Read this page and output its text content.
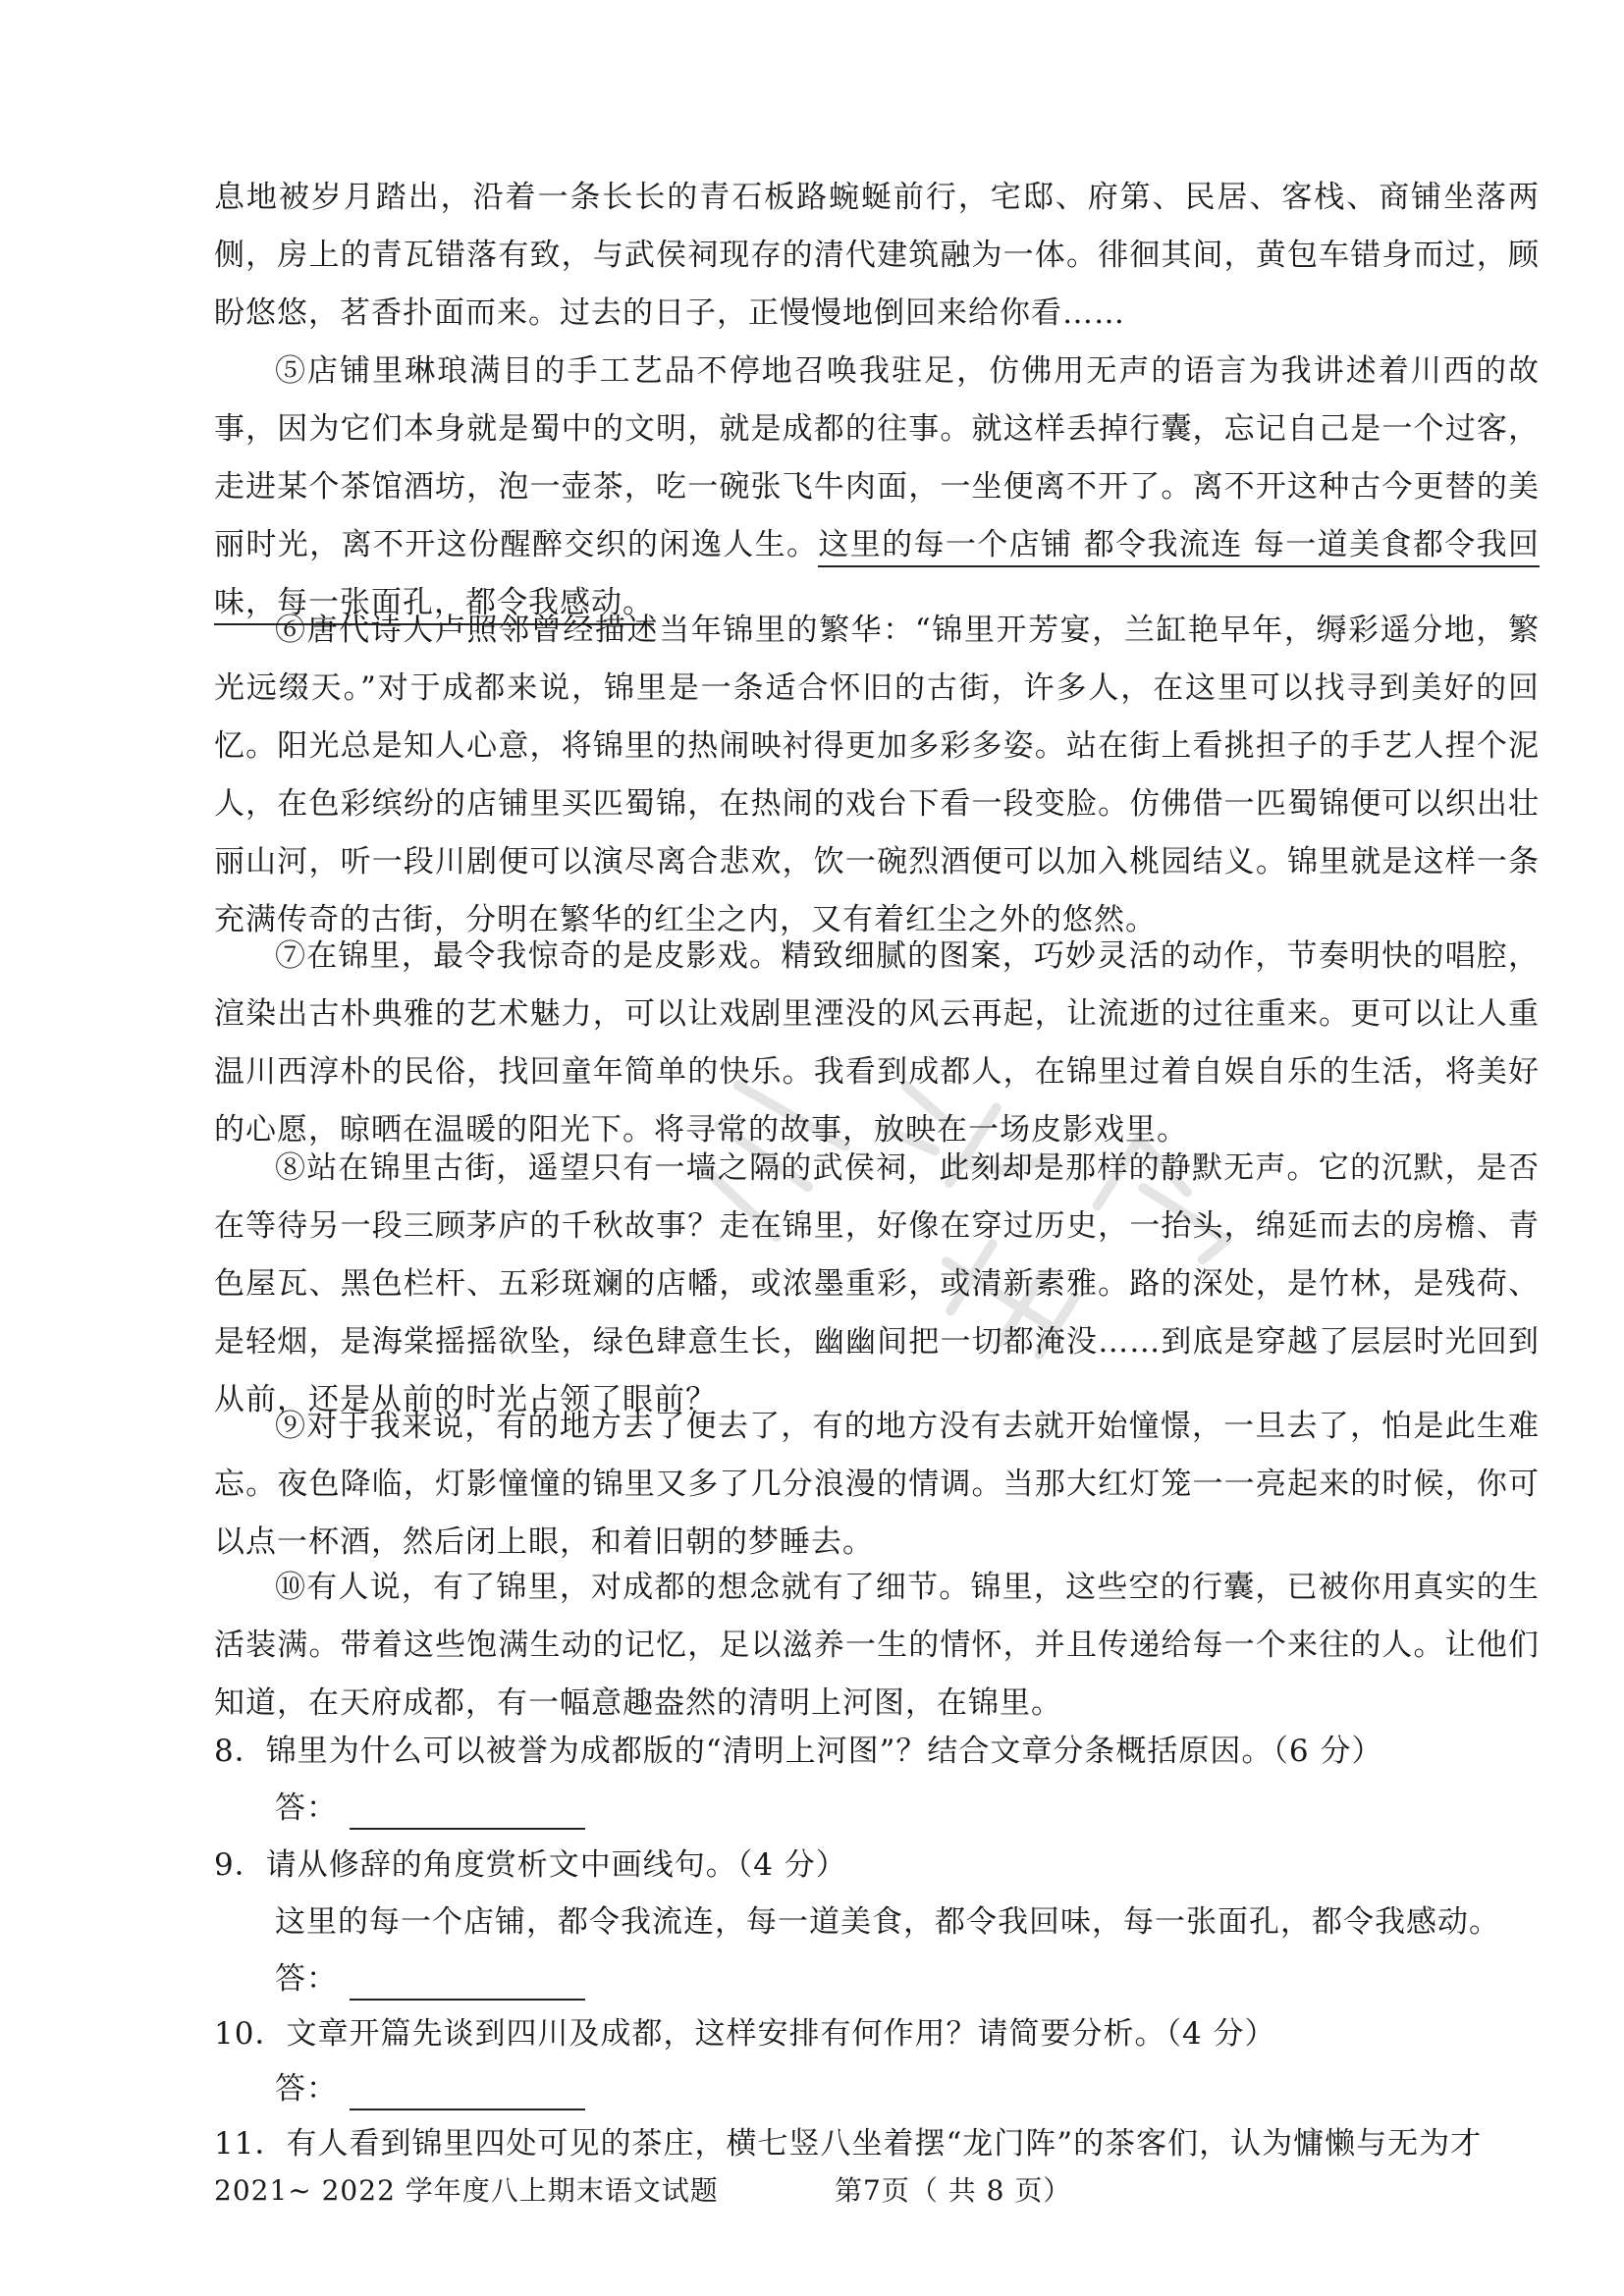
息地被岁月踏出，沿着一条长长的青石板路蜿蜒前行，宅邸、府第、民居、客栈、商铺坐落两侧，房上的青瓦错落有致，与武侯祠现存的清代建筑融为一体。徘徊其间，黄包车错身而过，顾盼悠悠，茗香扑面而来。过去的日子，正慢慢地倒回来给你看……
⑤店铺里琳琅满目的手工艺品不停地召唤我驻足，仿佛用无声的语言为我讲述着川西的故事，因为它们本身就是蜀中的文明，就是成都的往事。就这样丢掉行囊，忘记自己是一个过客，走进某个茶馆酒坊，泡一壶茶，吃一碗张飞牛肉面，一坐便离不开了。离不开这种古今更替的美丽时光，离不开这份醒醉交织的闲逸人生。这里的每一个店铺 都令我流连 每一道美食都令我回味，每一张面孔，都令我感动。
⑥唐代诗人卢照邻曾经描述当年锦里的繁华：“锦里开芳宴，兰缸艳早年，缛彩遥分地，繁光远缀天。”对于成都来说，锦里是一条适合怀旧的古街，许多人，在这里可以找寻到美好的回忆。阳光总是知人心意，将锦里的热闹映衬得更加多彩多姿。站在街上看挑担子的手艺人捏个泥人，在色彩缤纷的店铺里买匹蜀锦，在热闹的戏台下看一段变脸。仿佛借一匹蜀锦便可以织出壮丽山河，听一段川剧便可以演尽离合悲欢，饮一碗烈酒便可以加入桃园结义。锦里就是这样一条充满传奇的古街，分明在繁华的红尘之内，又有着红尘之外的悠然。
⑦在锦里，最令我惊奇的是皮影戏。精致细腻的图案，巧妙灵活的动作，节奏明快的唱腔，渲染出古朴典雅的艺术魅力，可以让戏剧里湮没的风云再起，让流逝的过往重来。更可以让人重温川西淳朴的民俗，找回童年简单的快乐。我看到成都人，在锦里过着自娱自乐的生活，将美好的心愿，晾晒在温暖的阳光下。将寻常的故事，放映在一场皮影戏里。
⑧站在锦里古街，遥望只有一墙之隔的武侯祠，此刻却是那样的静默无声。它的沉默，是否在等待另一段三顾茅庐的千秋故事？走在锦里，好像在穿过历史，一抬头，绵延而去的房檐、青色屋瓦、黑色栏杆、五彩斑斓的店幡，或浓墨重彩，或清新素雅。路的深处，是竹林，是残荷、是轻烟，是海棠摇摇欲坠，绿色肆意生长，幽幽间把一切都淹没……到底是穿越了层层时光回到从前，还是从前的时光占领了眼前？
⑨对于我来说，有的地方去了便去了，有的地方没有去就开始憧憬，一旦去了，怕是此生难忘。夜色降临，灯影憧憧的锦里又多了几分浪漫的情调。当那大红灯笼一一亮起来的时候，你可以点一杯酒，然后闭上眼，和着旧朝的梦睡去。
⑩有人说，有了锦里，对成都的想念就有了细节。锦里，这些空的行囊，已被你用真实的生活装满。带着这些饱满生动的记忆，足以滋养一生的情怀，并且传递给每一个来往的人。让他们知道，在天府成都，有一幅意趣盎然的清明上河图，在锦里。
8．锦里为什么可以被誉为成都版的“清明上河图”？结合文章分条概括原因。（6 分）
答：
9．请从修辞的角度赏析文中画线句。（4 分）
这里的每一个店铺，都令我流连，每一道美食，都令我回味，每一张面孔，都令我感动。
答：
10．文章开篇先谈到四川及成都，这样安排有何作用？请简要分析。（4 分）
答：
11．有人看到锦里四处可见的茶庄，横七竖八坐着摆“龙门阵”的茶客们，认为慵懒与无为才
2021~ 2022 学年度八上期末语文试题	第7页（ 共 8 页）
